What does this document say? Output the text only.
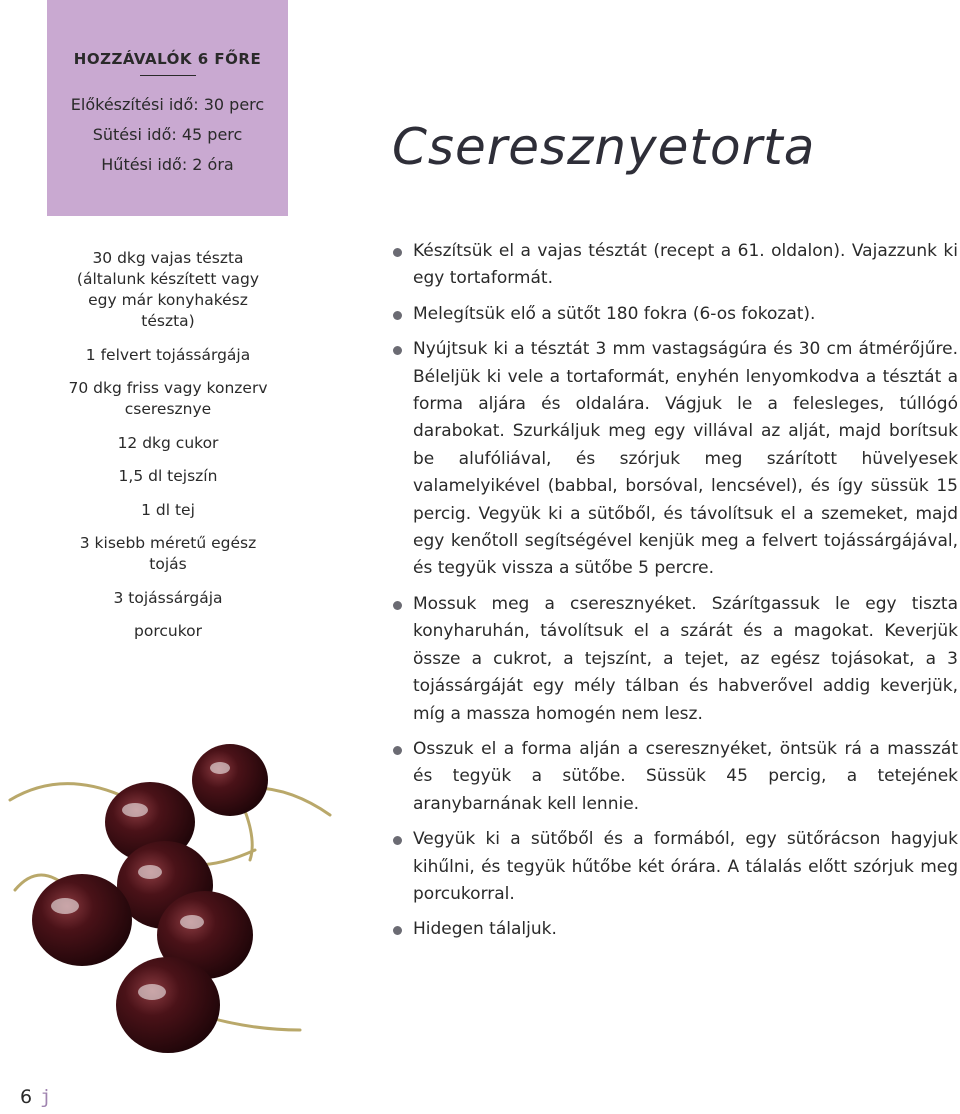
HOZZÁVALÓK 6 FŐRE
Előkészítési idő: 30 perc
Sütési idő: 45 perc
Hűtési idő: 2 óra	Cseresznyetorta
30 dkg vajas tészta (általunk készített vagy egy már konyhakész tészta)
1 felvert tojássárgája
70 dkg friss vagy konzerv cseresznye
12 dkg cukor
1,5 dl tejszín
1 dl tej
3 kisebb méretű egész tojás
3 tojássárgája
porcukor
Készítsük el a vajas tésztát (recept a 61. oldalon). Vajazzunk ki egy tortaformát.
Melegítsük elő a sütőt 180 fokra (6-os fokozat).
Nyújtsuk ki a tésztát 3 mm vastagságúra és 30 cm átmérőjűre. Béleljük ki vele a tortaformát, enyhén lenyomkodva a tésztát a forma aljára és oldalára. Vágjuk le a felesleges, túllógó darabokat. Szurkáljuk meg egy villával az alját, majd borítsuk be alufóliával, és szórjuk meg szárított hüvelyesek valamelyikével (babbal, borsóval, lencsével), és így süssük 15 percig. Vegyük ki a sütőből, és távolítsuk el a szemeket, majd egy kenőtoll segítségével kenjük meg a felvert tojássárgájával, és tegyük vissza a sütőbe 5 percre.
Mossuk meg a cseresznyéket. Szárítgassuk le egy tiszta konyharuhán, távolítsuk el a szárát és a magokat. Keverjük össze a cukrot, a tejszínt, a tejet, az egész tojásokat, a 3 tojássárgáját egy mély tálban és habverővel addig keverjük, míg a massza homogén nem lesz.
Osszuk el a forma alján a cseresznyéket, öntsük rá a masszát és tegyük a sütőbe. Süssük 45 percig, a tetejének aranybarnának kell lennie.
Vegyük ki a sütőből és a formából, egy sütőrácson hagyjuk kihűlni, és tegyük hűtőbe két órára. A tálalás előtt szórjuk meg porcukorral.
Hidegen tálaljuk.
6 j
